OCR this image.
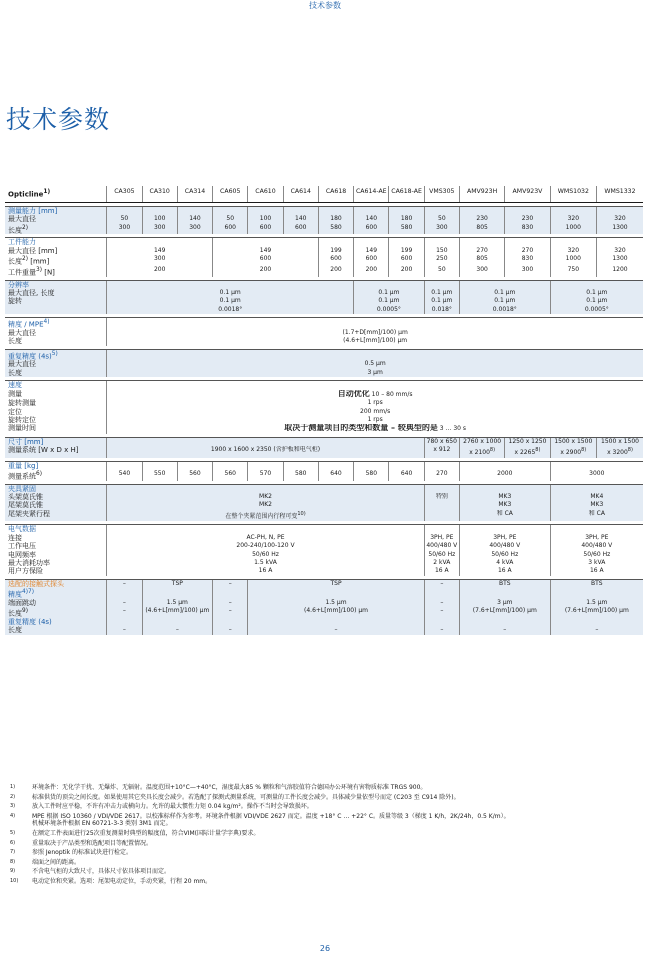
技术参数
技术参数
Opticline$^{1)}$	CA305	CA310	CA314	CA605	CA610	CA614	CA618	CA614-AE	CA618-AE	VMS305	AMV923H	AMV923V	WMS1032	WMS1332

测量能力 [mm]														
最大直径	50	100	140	50	100	140	180	140	180	50	230	230	320	320
长度$^{2)}$	300	300	300	600	600	600	580	600	580	300	805	830	1000	1300

工件能力														
最大直径 [mm]	149			149			199	149	199	150	270	270	320	320
长度$^{2)}$ [mm]	300			600			600	600	600	250	805	830	1000	1300
工件重量$^{3)}$ [N]	200			200			200	200	200	50	300	300	750	1200

分辨率														
最大直径, 长度	0.1 µm							0.1 µm		0.1 µm	0.1 µm		0.1 µm	
旋转	0.1 µm							0.1 µm		0.1 µm	0.1 µm		0.1 µm	
	0.0018°							0.0005°		0.018°	0.0018°		0.0005°	

精度 / MPE$^{4)}$	
最大直径	(1.7+D[mm]/100) µm													
长度	(4.6+L[mm]/100) µm													

重复精度 $(4s)^{5)}$	
最大直径	0.5 µm													
长度	3 µm													

速度														
测量	自动优化 10 – 80 mm/s													
旋转测量	1 rps													
定位	200 mm/s													
旋转定位	1 rps													
测量时间	取决于测量项目的类型和数量 – 较典型的是 3 … 30 s													

尺寸 [mm]										780 x 650	2760 x 1000	1250 x 1250	1500 x 1500	1500 x 1500
测量系统 [W x D x H]	1900 x 1600 x 2350 (含护板和电气柜)									x 912	x 2100$^{8)}$	x 2265$^{8)}$	x 2900$^{8)}$	x 3200$^{8)}$

重量 [kg]														
测量系统$^{6)}$	540	550	560	560	570	580	640	580	640	270	2000		3000	

夹具紧固														
头架莫氏锥	MK2									特别	MK3		MK4	
尾架莫氏锥	MK2										MK3		MK3	
尾架夹紧行程	在整个夹紧范围内行程可变$^{10)}$										和 CA		和 CA	

电气数据														
连接	AC-PH, N, PE									3PH, PE	3PH, PE		3PH, PE	
工作电压	200-240/100-120 V									400/480 V	400/480 V		400/480 V	
电网频率	50/60 Hz									50/60 Hz	50/60 Hz		50/60 Hz	
最大消耗功率	1.5 kVA									2 kVA	4 kVA		3 kVA	
用户方保险	16 A									16 A	16 A		16 A	

选配的接触式探头	–	TSP		–	TSP					–	BTS		BTS	
精度$^{4)7)}$							
端面跳动	–	1.5 µm		–	1.5 µm					–	3 µm		1.5 µm	
长度$^{9)}$	–	(4.6+L[mm]/100) µm		–	(4.6+L[mm]/100) µm					–	(7.6+L[mm]/100) µm		(7.6+L[mm]/100) µm	
重复精度 (4s)														
长度	–	–		–	–					–	–		–	
1)	环境条件：无化学干扰、无爆炸、无辐射。温度范围+10°C—+40°C，湿度最大85 % 颗粒和气溶胶值符合德国办公环境有害物质标准 TRGS 900。
2)	标准供货的顶尖之间长度。如果使用其它夹具长度会减少。若选配了探测式测量系统，可测量的工件长度会减少。具体减少量依型号而定 (C203 至 C914 除外)。
3)	放入工件时应平稳，不许有冲击力或横向力。允许的最大惯性力矩 0.04 kg/m²。操作不当时会导致损坏。
4)	MPE 根据 ISO 10360 / VDI/VDE 2617。以校准标样作为参考。环境条件根据 VDI/VDE 2627 而定。温度 +18° C … +22° C。质量等级 3（梯度 1 K/h，2K/24h，0.5 K/m）。
机械环境条件根据 EN 60721-3-3 类别 3M1 而定。
5)	在额定工件表面进行25次重复测量时典型的幅度值，符合VIM(国际计量学字典)要求。
6)	重量取决于产品类型和选配项目等配置情况。
7)	参照 Jenoptik 的标准试块进行检定。
8)	端面之间的距离。
9)	不含电气柜的大致尺寸，具体尺寸依具体项目而定。
10)	电动定位和夹紧。选项：尾架电动定位，手动夹紧，行程 20 mm。
26
